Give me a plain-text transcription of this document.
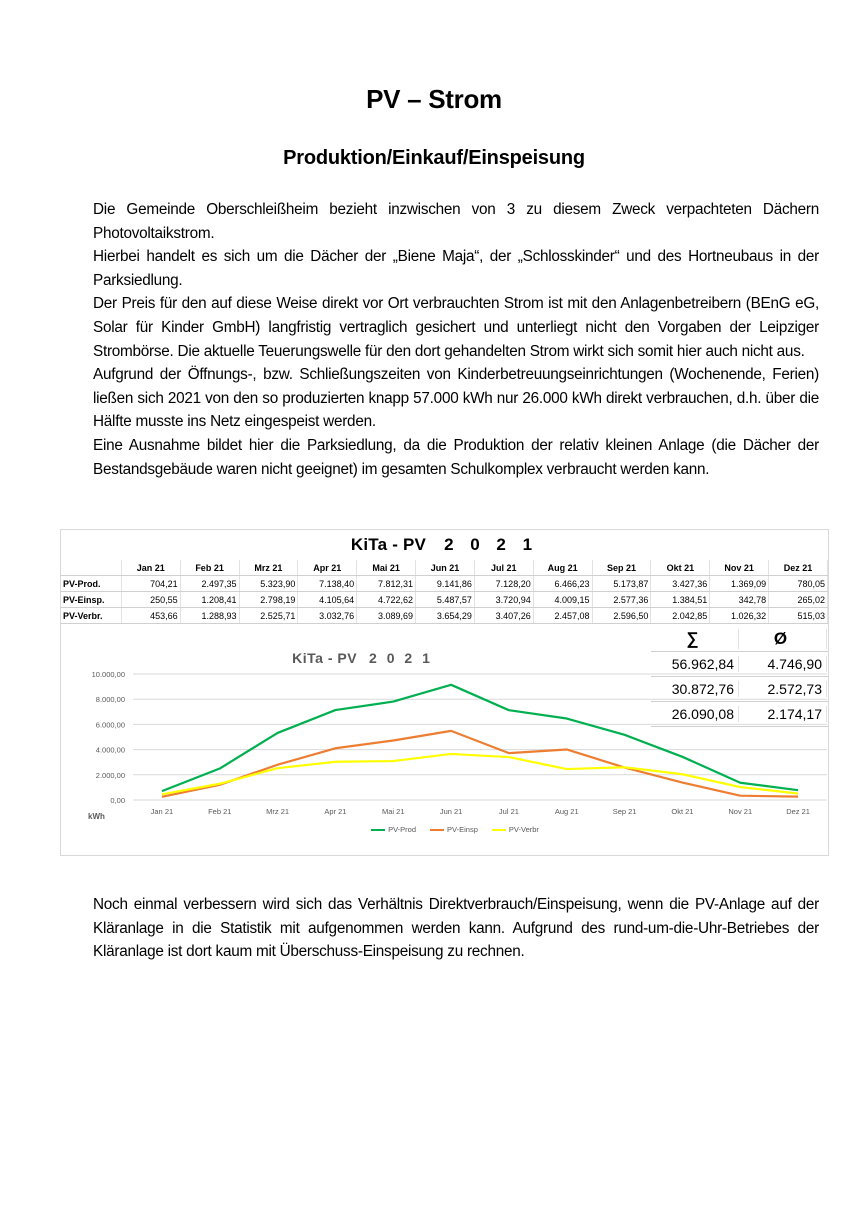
PV – Strom
Produktion/Einkauf/Einspeisung

Die Gemeinde Oberschleißheim bezieht inzwischen von 3 zu diesem Zweck verpachteten Dächern Photovoltaikstrom.

Hierbei handelt es sich um die Dächer der „Biene Maja“, der „Schlosskinder“ und des Hortneubaus in der Parksiedlung.

Der Preis für den auf diese Weise direkt vor Ort verbrauchten Strom ist mit den Anlagenbetreibern (BEnG eG, Solar für Kinder GmbH) langfristig vertraglich gesichert und unterliegt nicht den Vorgaben der Leipziger Strombörse. Die aktuelle Teuerungswelle für den dort gehandelten Strom wirkt sich somit hier auch nicht aus.

Aufgrund der Öffnungs-, bzw. Schließungszeiten von Kinderbetreuungseinrichtungen (Wochenende, Ferien) ließen sich 2021 von den so produzierten knapp 57.000 kWh nur 26.000 kWh direkt verbrauchen, d.h. über die Hälfte musste ins Netz eingespeist werden.

Eine Ausnahme bildet hier die Parksiedlung, da die Produktion der relativ kleinen Anlage (die Dächer der Bestandsgebäude waren nicht geeignet) im gesamten Schulkomplex verbraucht werden kann.

KiTa - PV 2 0 2 1
	Jan 21	Feb 21	Mrz 21	Apr 21	Mai 21	Jun 21	Jul 21	Aug 21	Sep 21	Okt 21	Nov 21	Dez 21
PV-Prod.	704,21	2.497,35	5.323,90	7.138,40	7.812,31	9.141,86	7.128,20	6.466,23	5.173,87	3.427,36	1.369,09	780,05
PV-Einsp.	250,55	1.208,41	2.798,19	4.105,64	4.722,62	5.487,57	3.720,94	4.009,15	2.577,36	1.384,51	342,78	265,02
PV-Verbr.	453,66	1.288,93	2.525,71	3.032,76	3.089,69	3.654,29	3.407,26	2.457,08	2.596,50	2.042,85	1.026,32	515,03
∑	Ø
56.962,84	4.746,90
30.872,76	2.572,73
26.090,08	2.174,17
KiTa - PV 2 0 2 1
0,00
2.000,00
4.000,00
6.000,00
8.000,00
10.000,00
Jan 21	Feb 21	Mrz 21	Apr 21	Mai 21	Jun 21	Jul 21	Aug 21	Sep 21	Okt 21	Nov 21	Dez 21
kWh
PV-Prod	PV-Einsp	PV-Verbr

Noch einmal verbessern wird sich das Verhältnis Direktverbrauch/Einspeisung, wenn die PV-Anlage auf der Kläranlage in die Statistik mit aufgenommen werden kann. Aufgrund des rund-um-die-Uhr-Betriebes der Kläranlage ist dort kaum mit Überschuss-Einspeisung zu rechnen.
